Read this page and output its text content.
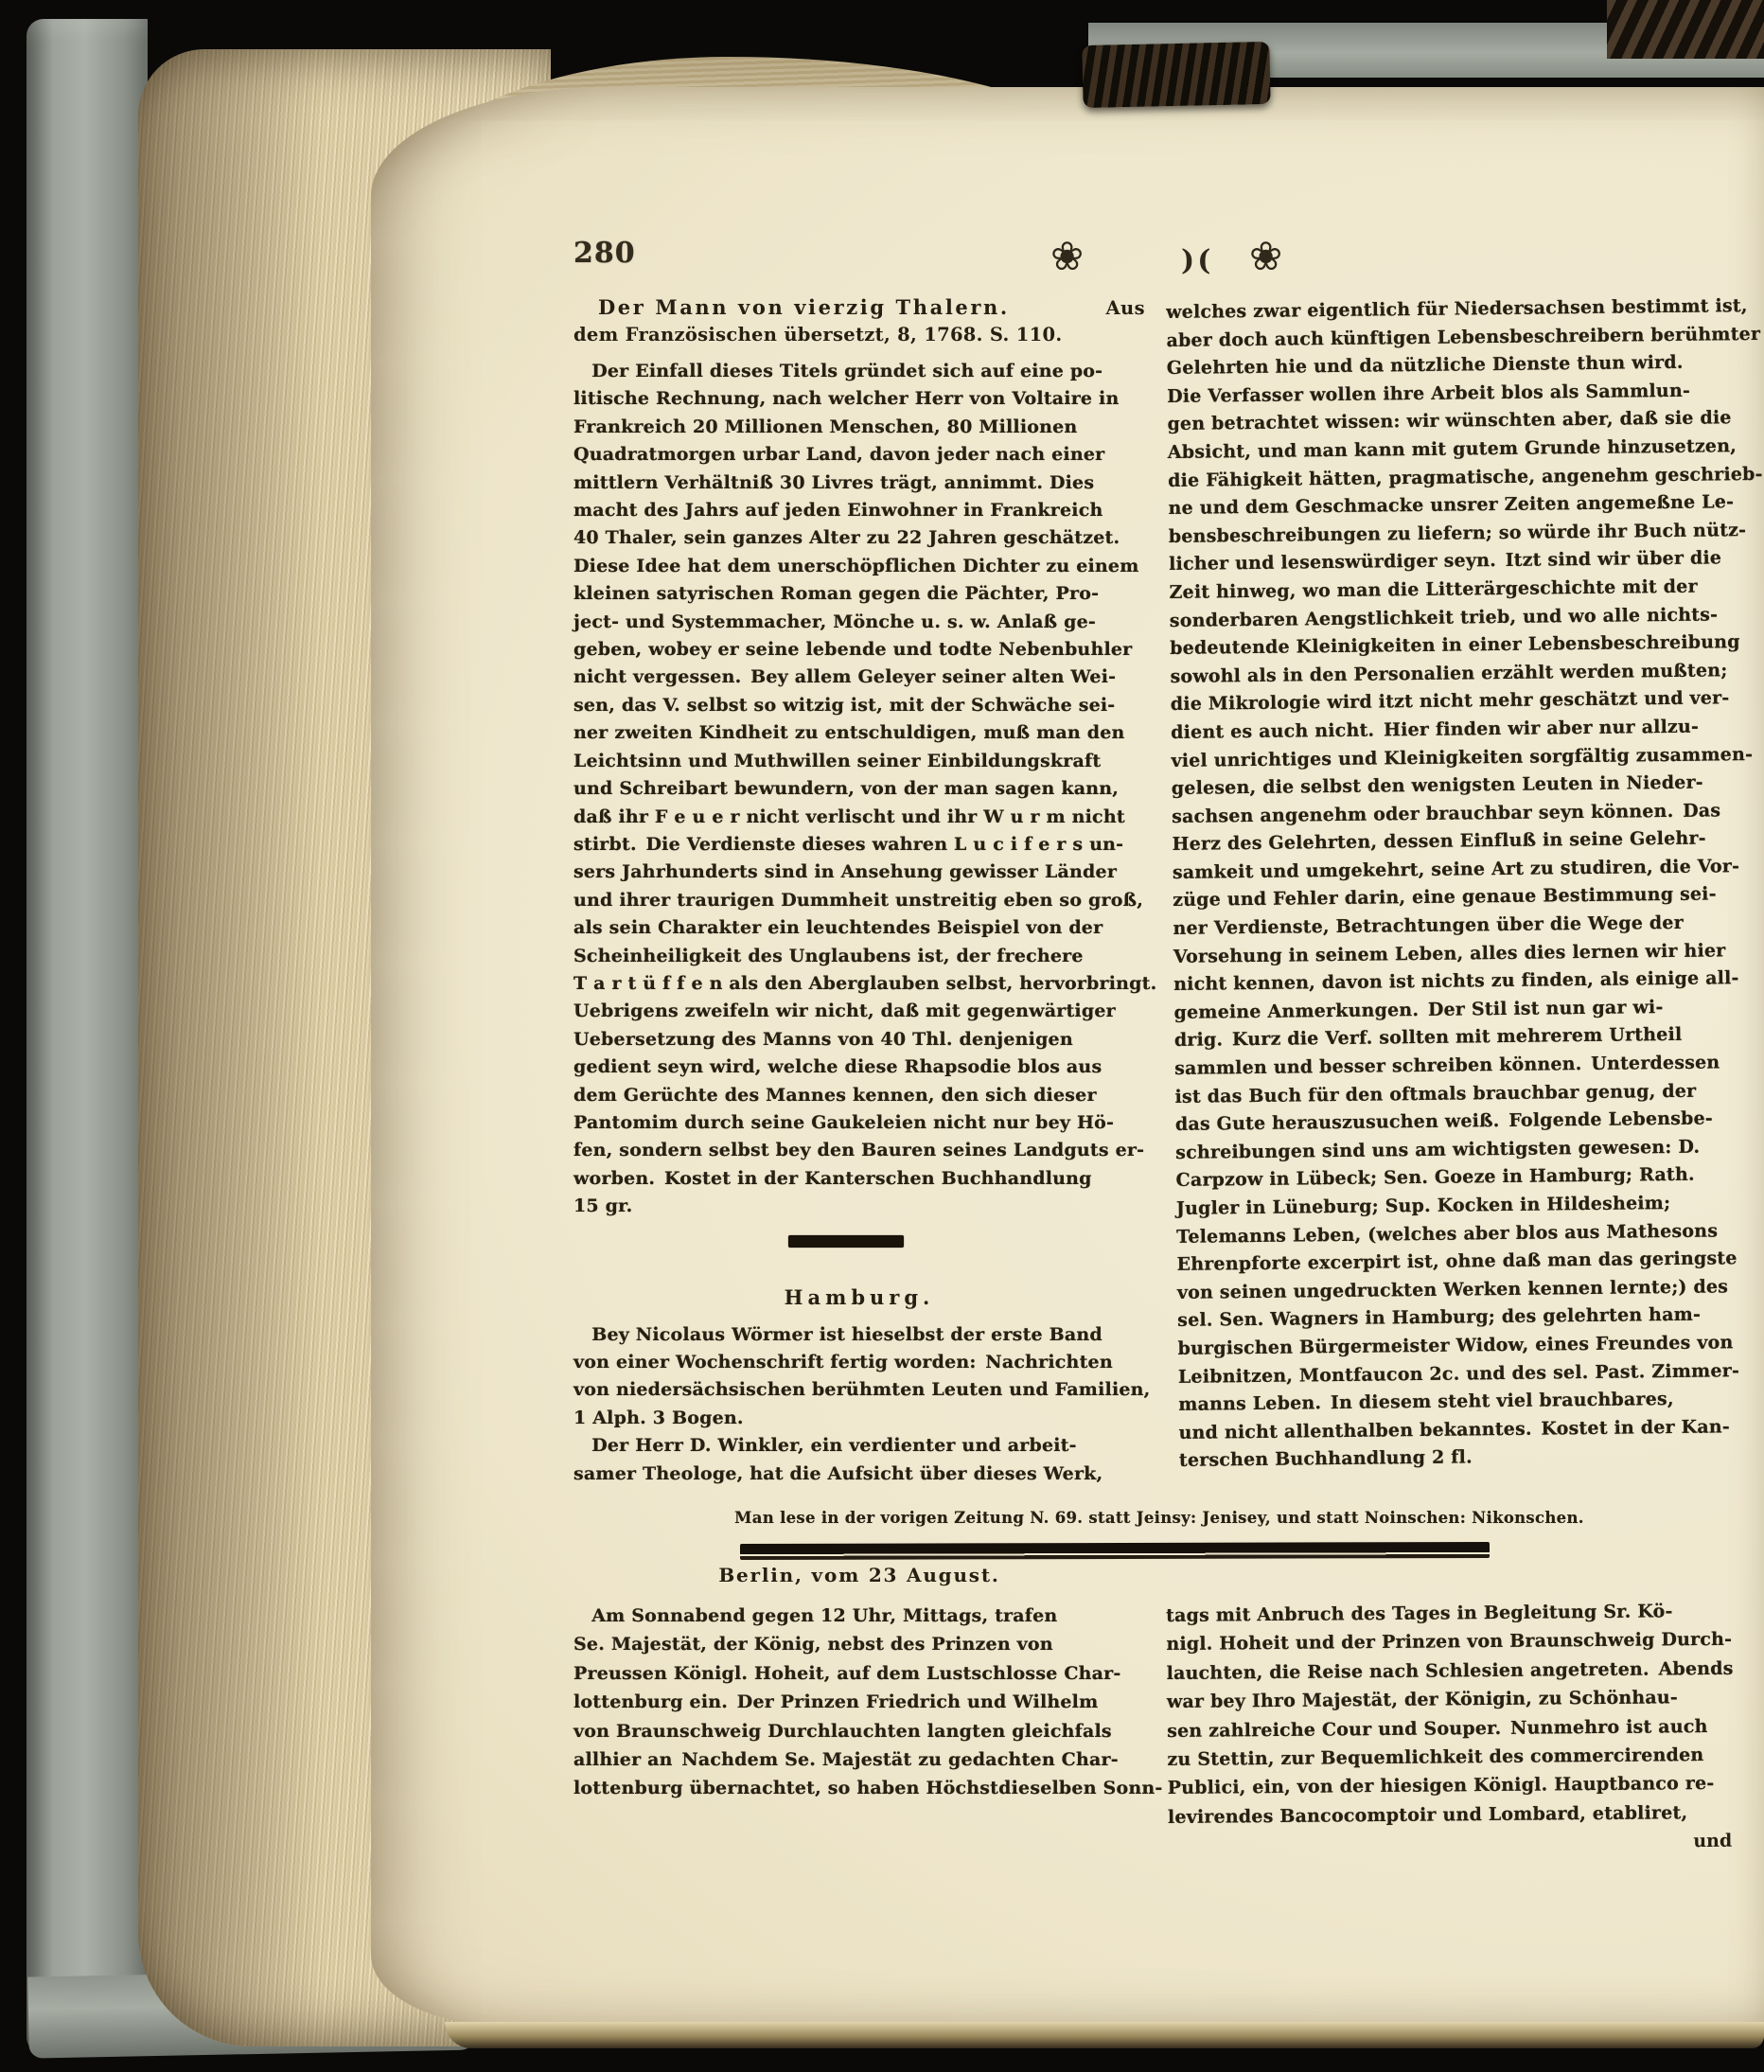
280	❀	)( ❀
Der Mann von vierzig Thalern.	Aus
dem Französischen übersetzt, 8, 1768. S. 110.
 Der Einfall dieses Titels gründet sich auf eine po-
litische Rechnung, nach welcher Herr von Voltaire in
Frankreich 20 Millionen Menschen, 80 Millionen
Quadratmorgen urbar Land, davon jeder nach einer
mittlern Verhältniß 30 Livres trägt, annimmt. Dies
macht des Jahrs auf jeden Einwohner in Frankreich
40 Thaler, sein ganzes Alter zu 22 Jahren geschätzet.
Diese Idee hat dem unerschöpflichen Dichter zu einem
kleinen satyrischen Roman gegen die Pächter, Pro-
ject- und Systemmacher, Mönche u. s. w. Anlaß ge-
geben, wobey er seine lebende und todte Nebenbuhler
nicht vergessen. Bey allem Geleyer seiner alten Wei-
sen, das V. selbst so witzig ist, mit der Schwäche sei-
ner zweiten Kindheit zu entschuldigen, muß man den
Leichtsinn und Muthwillen seiner Einbildungskraft
und Schreibart bewundern, von der man sagen kann,
daß ihr F e u e r nicht verlischt und ihr W u r m nicht
stirbt. Die Verdienste dieses wahren L u c i f e r s un-
sers Jahrhunderts sind in Ansehung gewisser Länder
und ihrer traurigen Dummheit unstreitig eben so groß,
als sein Charakter ein leuchtendes Beispiel von der
Scheinheiligkeit des Unglaubens ist, der frechere
T a r t ü f f e n als den Aberglauben selbst, hervorbringt.
Uebrigens zweifeln wir nicht, daß mit gegenwärtiger
Uebersetzung des Manns von 40 Thl. denjenigen
gedient seyn wird, welche diese Rhapsodie blos aus
dem Gerüchte des Mannes kennen, den sich dieser
Pantomim durch seine Gaukeleien nicht nur bey Hö-
fen, sondern selbst bey den Bauren seines Landguts er-
worben. Kostet in der Kanterschen Buchhandlung
15 gr.
Hamburg.
 Bey Nicolaus Wörmer ist hieselbst der erste Band
von einer Wochenschrift fertig worden: Nachrichten
von niedersächsischen berühmten Leuten und Familien,
1 Alph. 3 Bogen.
 Der Herr D. Winkler, ein verdienter und arbeit-
samer Theologe, hat die Aufsicht über dieses Werk,
welches zwar eigentlich für Niedersachsen bestimmt ist,
aber doch auch künftigen Lebensbeschreibern berühmter
Gelehrten hie und da nützliche Dienste thun wird.
Die Verfasser wollen ihre Arbeit blos als Sammlun-
gen betrachtet wissen: wir wünschten aber, daß sie die
Absicht, und man kann mit gutem Grunde hinzusetzen,
die Fähigkeit hätten, pragmatische, angenehm geschrieb-
ne und dem Geschmacke unsrer Zeiten angemeßne Le-
bensbeschreibungen zu liefern; so würde ihr Buch nütz-
licher und lesenswürdiger seyn. Itzt sind wir über die
Zeit hinweg, wo man die Litterärgeschichte mit der
sonderbaren Aengstlichkeit trieb, und wo alle nichts-
bedeutende Kleinigkeiten in einer Lebensbeschreibung
sowohl als in den Personalien erzählt werden mußten;
die Mikrologie wird itzt nicht mehr geschätzt und ver-
dient es auch nicht. Hier finden wir aber nur allzu-
viel unrichtiges und Kleinigkeiten sorgfältig zusammen-
gelesen, die selbst den wenigsten Leuten in Nieder-
sachsen angenehm oder brauchbar seyn können. Das
Herz des Gelehrten, dessen Einfluß in seine Gelehr-
samkeit und umgekehrt, seine Art zu studiren, die Vor-
züge und Fehler darin, eine genaue Bestimmung sei-
ner Verdienste, Betrachtungen über die Wege der
Vorsehung in seinem Leben, alles dies lernen wir hier
nicht kennen, davon ist nichts zu finden, als einige all-
gemeine Anmerkungen. Der Stil ist nun gar wi-
drig. Kurz die Verf. sollten mit mehrerem Urtheil
sammlen und besser schreiben können. Unterdessen
ist das Buch für den oftmals brauchbar genug, der
das Gute herauszusuchen weiß. Folgende Lebensbe-
schreibungen sind uns am wichtigsten gewesen: D.
Carpzow in Lübeck; Sen. Goeze in Hamburg; Rath.
Jugler in Lüneburg; Sup. Kocken in Hildesheim;
Telemanns Leben, (welches aber blos aus Mathesons
Ehrenpforte excerpirt ist, ohne daß man das geringste
von seinen ungedruckten Werken kennen lernte;) des
sel. Sen. Wagners in Hamburg; des gelehrten ham-
burgischen Bürgermeister Widow, eines Freundes von
Leibnitzen, Montfaucon 2c. und des sel. Past. Zimmer-
manns Leben. In diesem steht viel brauchbares,
und nicht allenthalben bekanntes. Kostet in der Kan-
terschen Buchhandlung 2 fl.
Man lese in der vorigen Zeitung N. 69. statt Jeinsy: Jenisey, und statt Noinschen: Nikonschen.
Berlin, vom 23 August.
 Am Sonnabend gegen 12 Uhr, Mittags, trafen
Se. Majestät, der König, nebst des Prinzen von
Preussen Königl. Hoheit, auf dem Lustschlosse Char-
lottenburg ein. Der Prinzen Friedrich und Wilhelm
von Braunschweig Durchlauchten langten gleichfals
allhier an Nachdem Se. Majestät zu gedachten Char-
lottenburg übernachtet, so haben Höchstdieselben Sonn-
tags mit Anbruch des Tages in Begleitung Sr. Kö-
nigl. Hoheit und der Prinzen von Braunschweig Durch-
lauchten, die Reise nach Schlesien angetreten. Abends
war bey Ihro Majestät, der Königin, zu Schönhau-
sen zahlreiche Cour und Souper. Nunmehro ist auch
zu Stettin, zur Bequemlichkeit des commercirenden
Publici, ein, von der hiesigen Königl. Hauptbanco re-
levirendes Bancocomptoir und Lombard, etabliret,
und
